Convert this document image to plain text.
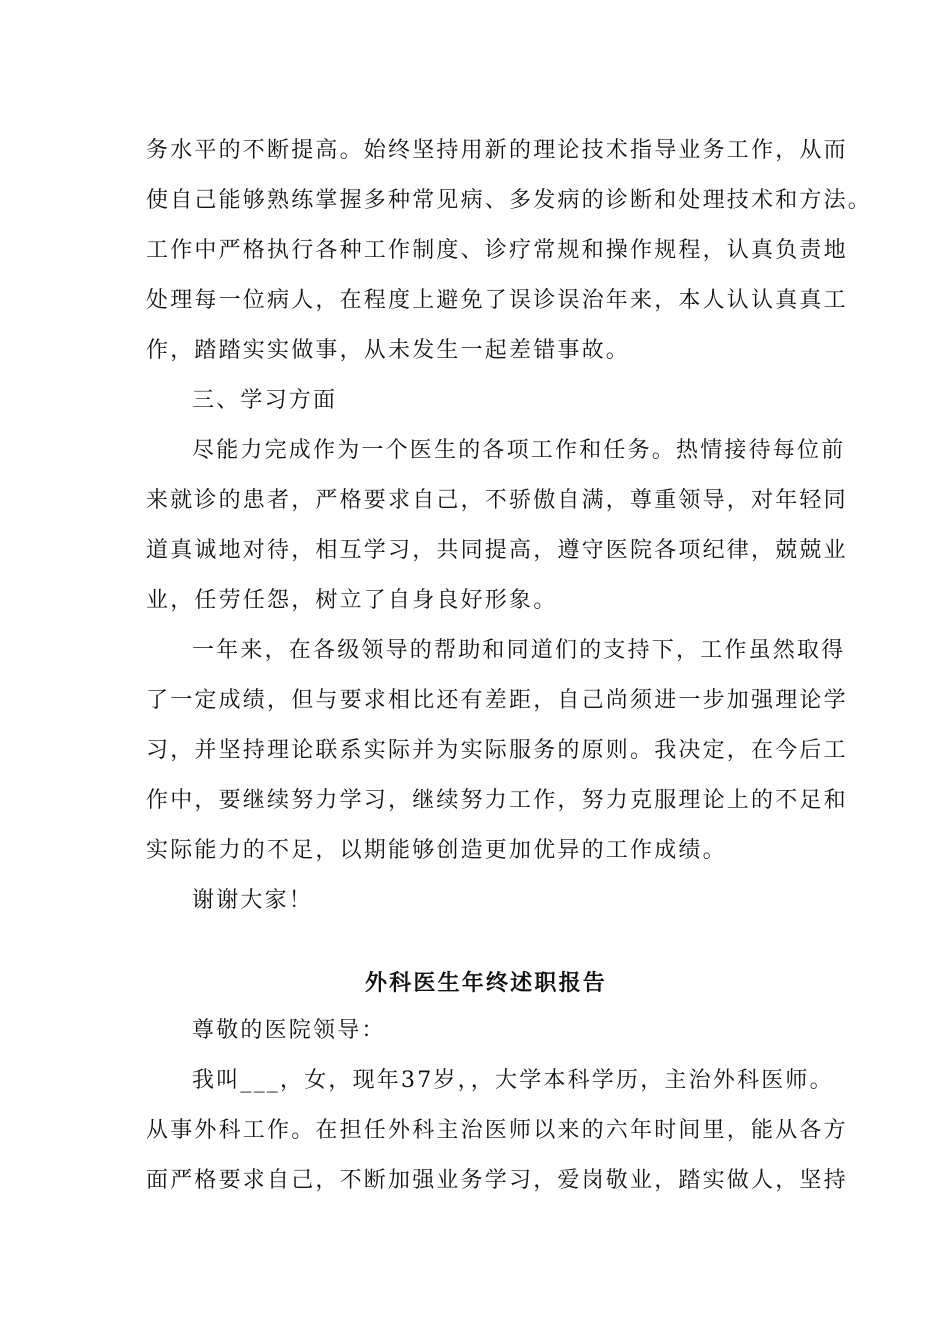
务水平的不断提高。始终坚持用新的理论技术指导业务工作，从而
使自己能够熟练掌握多种常见病、多发病的诊断和处理技术和方法。
工作中严格执行各种工作制度、诊疗常规和操作规程，认真负责地
处理每一位病人，在程度上避免了误诊误治年来，本人认认真真工
作，踏踏实实做事，从未发生一起差错事故。
三、学习方面
尽能力完成作为一个医生的各项工作和任务。热情接待每位前
来就诊的患者，严格要求自己，不骄傲自满，尊重领导，对年轻同
道真诚地对待，相互学习，共同提高，遵守医院各项纪律，兢兢业
业，任劳任怨，树立了自身良好形象。
一年来，在各级领导的帮助和同道们的支持下，工作虽然取得
了一定成绩，但与要求相比还有差距，自己尚须进一步加强理论学
习，并坚持理论联系实际并为实际服务的原则。我决定，在今后工
作中，要继续努力学习，继续努力工作，努力克服理论上的不足和
实际能力的不足，以期能够创造更加优异的工作成绩。
谢谢大家！
外科医生年终述职报告
尊敬的医院领导：
我叫___，女，现年37岁，，大学本科学历，主治外科医师。
从事外科工作。在担任外科主治医师以来的六年时间里，能从各方
面严格要求自己，不断加强业务学习，爱岗敬业，踏实做人，坚持
